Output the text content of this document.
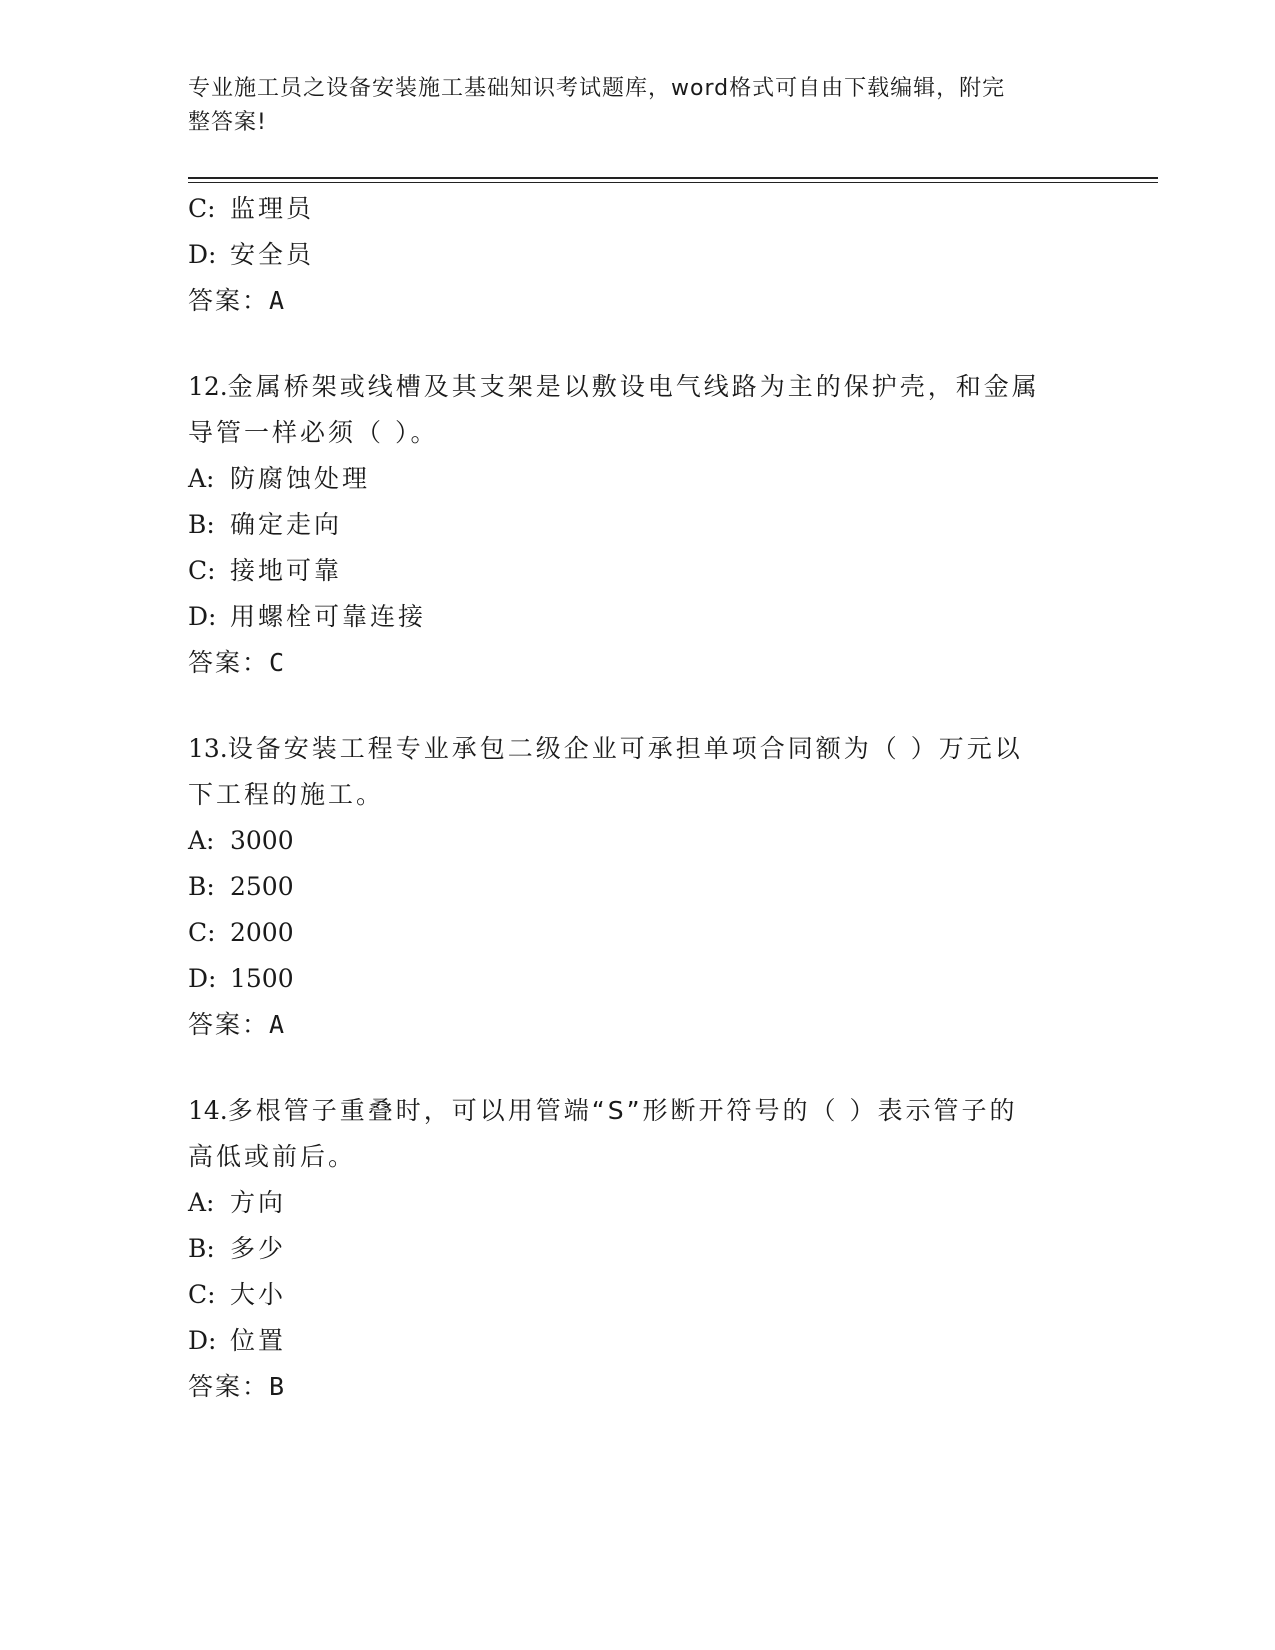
专业施工员之设备安装施工基础知识考试题库，word格式可自由下载编辑，附完
整答案!
C: 监理员
D: 安全员
答案：A
12.金属桥架或线槽及其支架是以敷设电气线路为主的保护壳，和金属
导管一样必须（ ）。
A: 防腐蚀处理
B: 确定走向
C: 接地可靠
D: 用螺栓可靠连接
答案：C
13.设备安装工程专业承包二级企业可承担单项合同额为（ ）万元以
下工程的施工。
A: 3000
B: 2500
C: 2000
D: 1500
答案：A
14.多根管子重叠时，可以用管端“S”形断开符号的（ ）表示管子的
高低或前后。
A: 方向
B: 多少
C: 大小
D: 位置
答案：B
